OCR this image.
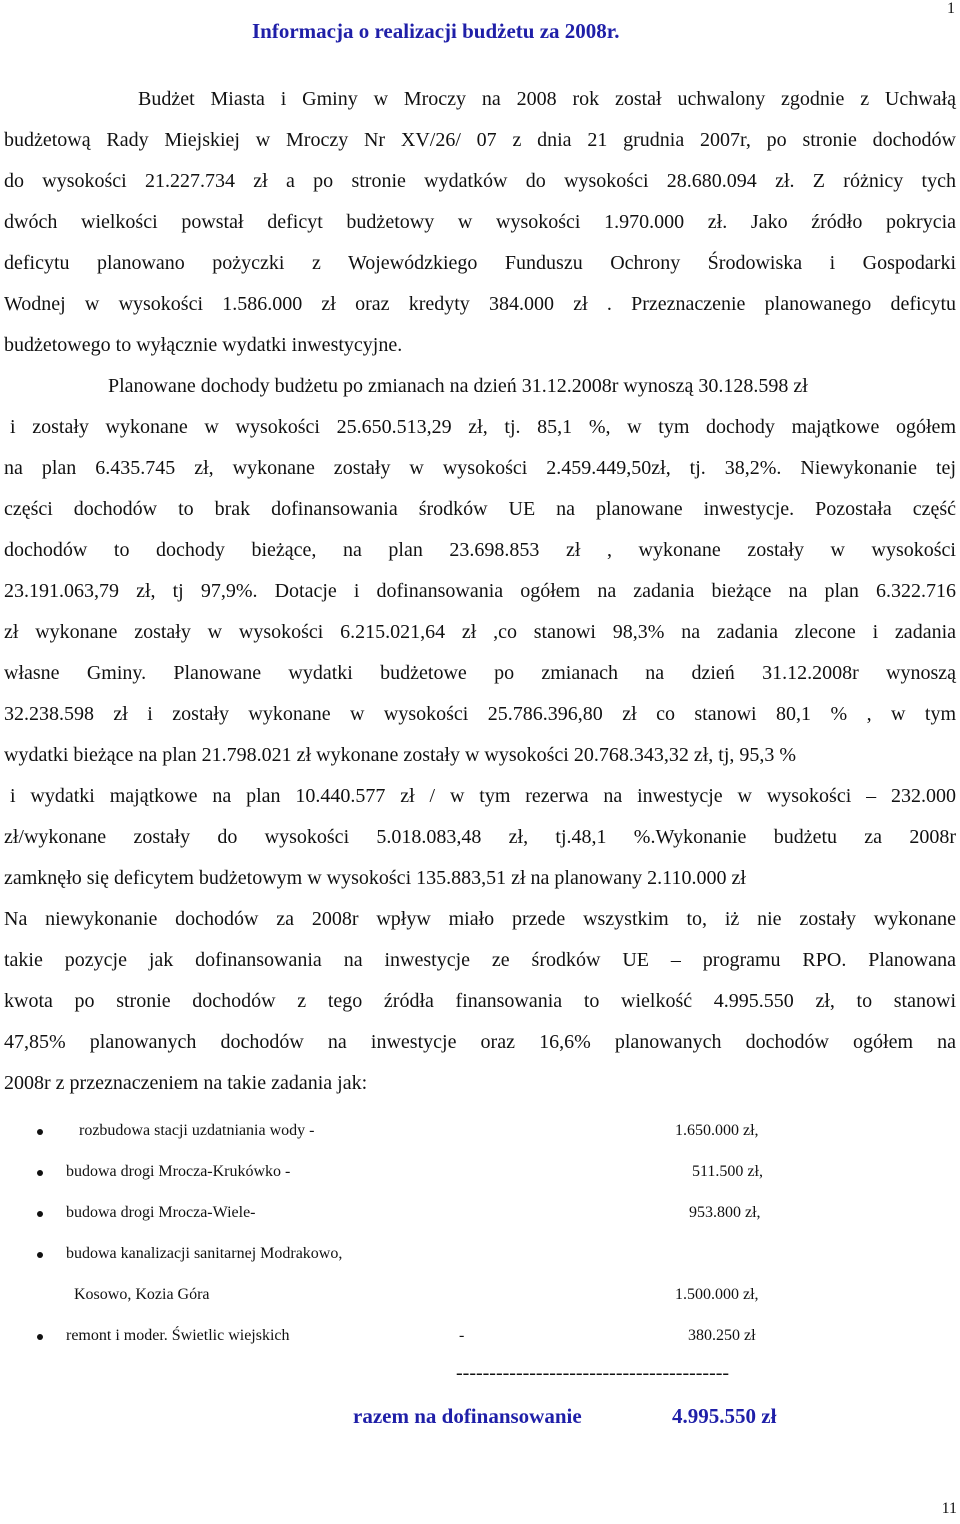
1
Informacja o realizacji budżetu za 2008r.
Budżet Miasta i Gminy w Mroczy na 2008 rok został uchwalony zgodnie z Uchwałą
budżetową Rady Miejskiej w Mroczy Nr XV/26/ 07 z dnia 21 grudnia 2007r, po stronie dochodów
do wysokości 21.227.734 zł a po stronie wydatków do wysokości 28.680.094 zł. Z różnicy tych
dwóch wielkości powstał deficyt budżetowy w wysokości 1.970.000 zł. Jako źródło pokrycia
deficytu planowano pożyczki z Wojewódzkiego Funduszu Ochrony Środowiska i Gospodarki
Wodnej w wysokości 1.586.000 zł oraz kredyty 384.000 zł . Przeznaczenie planowanego deficytu
budżetowego to wyłącznie wydatki inwestycyjne.
Planowane dochody budżetu po zmianach na dzień 31.12.2008r wynoszą 30.128.598 zł
i zostały wykonane w wysokości 25.650.513,29 zł, tj. 85,1 %, w tym dochody majątkowe ogółem
na plan 6.435.745 zł, wykonane zostały w wysokości 2.459.449,50zł, tj. 38,2%. Niewykonanie tej
części dochodów to brak dofinansowania środków UE na planowane inwestycje. Pozostała część
dochodów to dochody bieżące, na plan 23.698.853 zł , wykonane zostały w wysokości
23.191.063,79 zł, tj 97,9%. Dotacje i dofinansowania ogółem na zadania bieżące na plan 6.322.716
zł wykonane zostały w wysokości 6.215.021,64 zł ,co stanowi 98,3% na zadania zlecone i zadania
własne Gminy. Planowane wydatki budżetowe po zmianach na dzień 31.12.2008r wynoszą
32.238.598 zł i zostały wykonane w wysokości 25.786.396,80 zł co stanowi 80,1 % , w tym
wydatki bieżące na plan 21.798.021 zł wykonane zostały w wysokości 20.768.343,32 zł, tj, 95,3 %
i wydatki majątkowe na plan 10.440.577 zł / w tym rezerwa na inwestycje w wysokości – 232.000
zł/wykonane zostały do wysokości 5.018.083,48 zł, tj.48,1 %.Wykonanie budżetu za 2008r
zamknęło się deficytem budżetowym w wysokości 135.883,51 zł na planowany 2.110.000 zł
Na niewykonanie dochodów za 2008r wpływ miało przede wszystkim to, iż nie zostały wykonane
takie pozycje jak dofinansowania na inwestycje ze środków UE – programu RPO. Planowana
kwota po stronie dochodów z tego źródła finansowania to wielkość 4.995.550 zł, to stanowi
47,85% planowanych dochodów na inwestycje oraz 16,6% planowanych dochodów ogółem na
2008r z przeznaczeniem na takie zadania jak:
rozbudowa stacji uzdatniania wody -	1.650.000 zł,
budowa drogi Mrocza-Krukówko -	511.500 zł,
budowa drogi Mrocza-Wiele-	953.800 zł,
budowa kanalizacji sanitarnej Modrakowo,
Kosowo, Kozia Góra	1.500.000 zł,
remont i moder. Świetlic wiejskich	-	380.250 zł
-----------------------------------------
razem na dofinansowanie	4.995.550 zł
11
